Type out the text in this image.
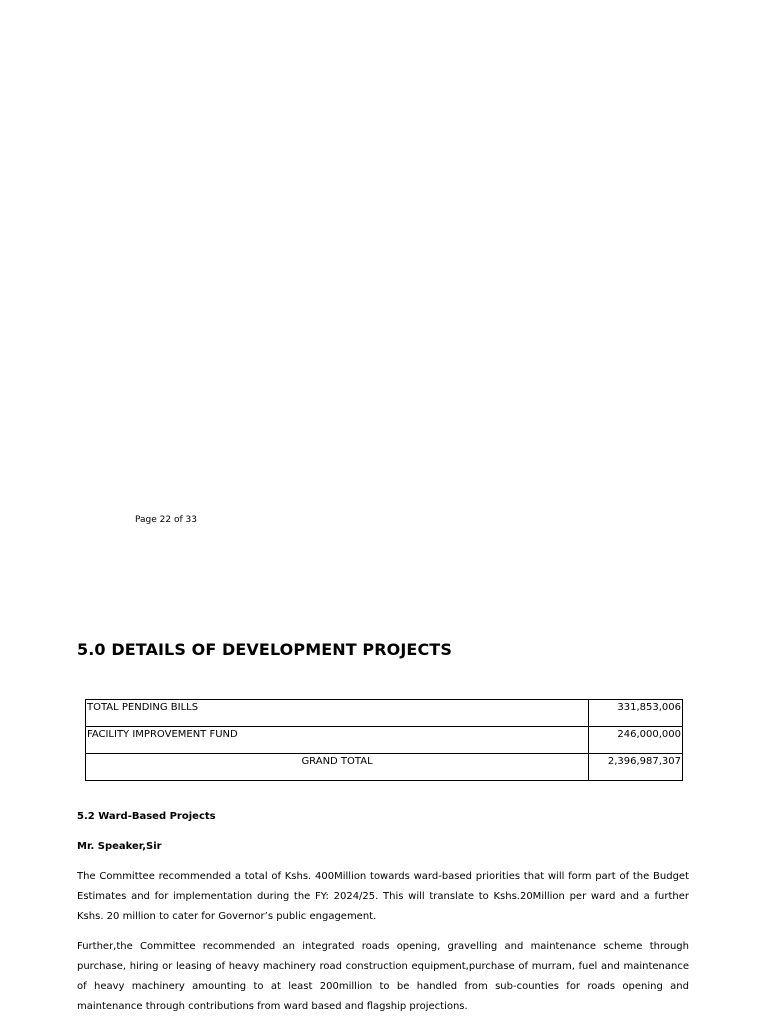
Page 22 of 33
5.0 DETAILS OF DEVELOPMENT PROJECTS
TOTAL PENDING BILLS	331,853,006
FACILITY IMPROVEMENT FUND	246,000,000
GRAND TOTAL	2,396,987,307

5.2 Ward-Based Projects

Mr. Speaker,Sir

The Committee recommended a total of Kshs. 400Million towards ward-based priorities that will form part of the Budget Estimates and for implementation during the FY: 2024/25. This will translate to Kshs.20Million per ward and a further Kshs. 20 million to cater for Governor’s public engagement.

Further,the Committee recommended an integrated roads opening, gravelling and maintenance scheme through purchase, hiring or leasing of heavy machinery road construction equipment,purchase of murram, fuel and maintenance of heavy machinery amounting to at least 200million to be handled from sub-counties for roads opening and maintenance through contributions from ward based and flagship projections.
